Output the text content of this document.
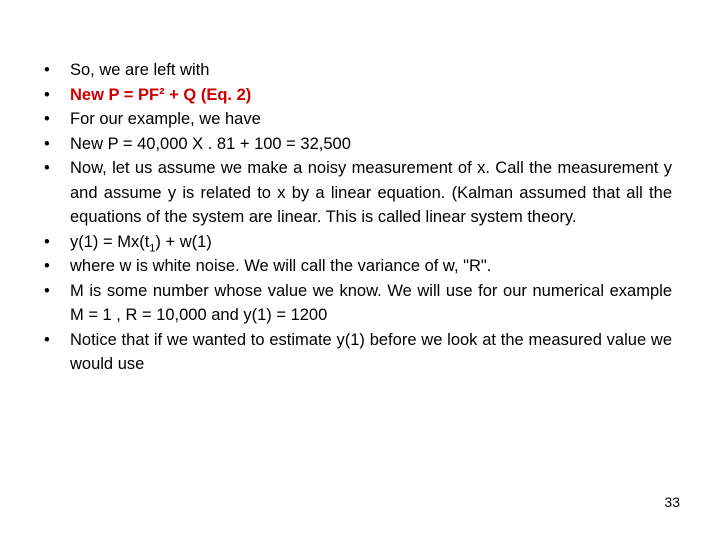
• So, we are left with
• New P = PF² + Q (Eq. 2)
• For our example, we have
• New P = 40,000 X . 81 + 100 = 32,500
• Now, let us assume we make a noisy measurement of x. Call the measurement y and assume y is related to x by a linear equation. (Kalman assumed that all the equations of the system are linear. This is called linear system theory.
• $y(1) = Mx(t_1) + w(1)$
• where w is white noise. We will call the variance of w, "R".
• M is some number whose value we know. We will use for our numerical example M = 1 , R = 10,000 and y(1) = 1200
• Notice that if we wanted to estimate y(1) before we look at the measured value we would use
33
